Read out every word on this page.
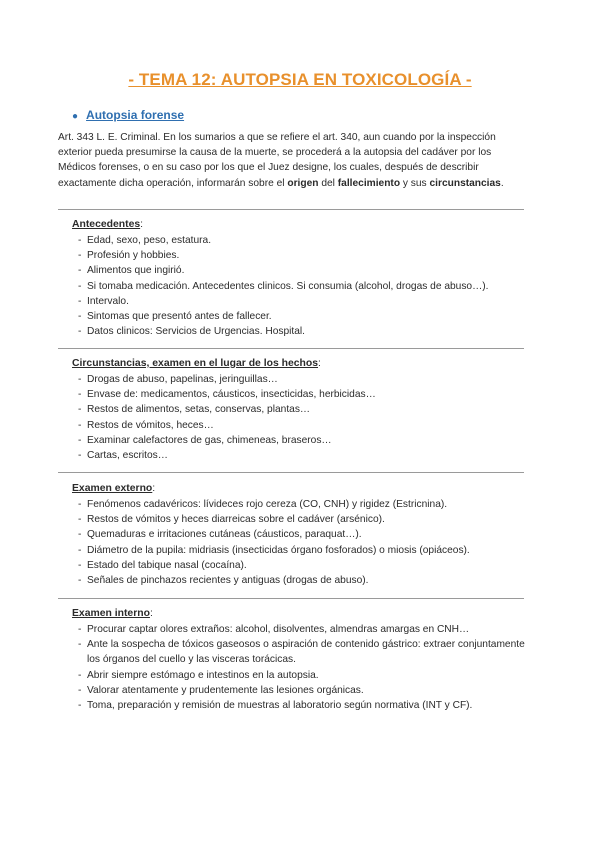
- TEMA 12: AUTOPSIA EN TOXICOLOGÍA -
● Autopsia forense
Art. 343 L. E. Criminal. En los sumarios a que se refiere el art. 340, aun cuando por la inspección exterior pueda presumirse la causa de la muerte, se procederá a la autopsia del cadáver por los Médicos forenses, o en su caso por los que el Juez designe, los cuales, después de describir exactamente dicha operación, informarán sobre el origen del fallecimiento y sus circunstancias.
Antecedentes:
- Edad, sexo, peso, estatura.
- Profesión y hobbies.
- Alimentos que ingirió.
- Si tomaba medicación. Antecedentes clinicos. Si consumia (alcohol, drogas de abuso…).
- Intervalo.
- Sintomas que presentó antes de fallecer.
- Datos clinicos: Servicios de Urgencias. Hospital.
Circunstancias, examen en el lugar de los hechos:
- Drogas de abuso, papelinas, jeringuillas…
- Envase de: medicamentos, cáusticos, insecticidas, herbicidas…
- Restos de alimentos, setas, conservas, plantas…
- Restos de vómitos, heces…
- Examinar calefactores de gas, chimeneas, braseros…
- Cartas, escritos…
Examen externo:
- Fenómenos cadavéricos: lívideces rojo cereza (CO, CNH) y rigidez (Estricnina).
- Restos de vómitos y heces diarreicas sobre el cadáver (arsénico).
- Quemaduras e irritaciones cutáneas (cáusticos, paraquat…).
- Diámetro de la pupila: midriasis (insecticidas órgano fosforados) o miosis (opiáceos).
- Estado del tabique nasal (cocaína).
- Señales de pinchazos recientes y antiguas (drogas de abuso).
Examen interno:
- Procurar captar olores extraños: alcohol, disolventes, almendras amargas en CNH…
- Ante la sospecha de tóxicos gaseosos o aspiración de contenido gástrico: extraer conjuntamente los órganos del cuello y las visceras torácicas.
- Abrir siempre estómago e intestinos en la autopsia.
- Valorar atentamente y prudentemente las lesiones orgánicas.
- Toma, preparación y remisión de muestras al laboratorio según normativa (INT y CF).
